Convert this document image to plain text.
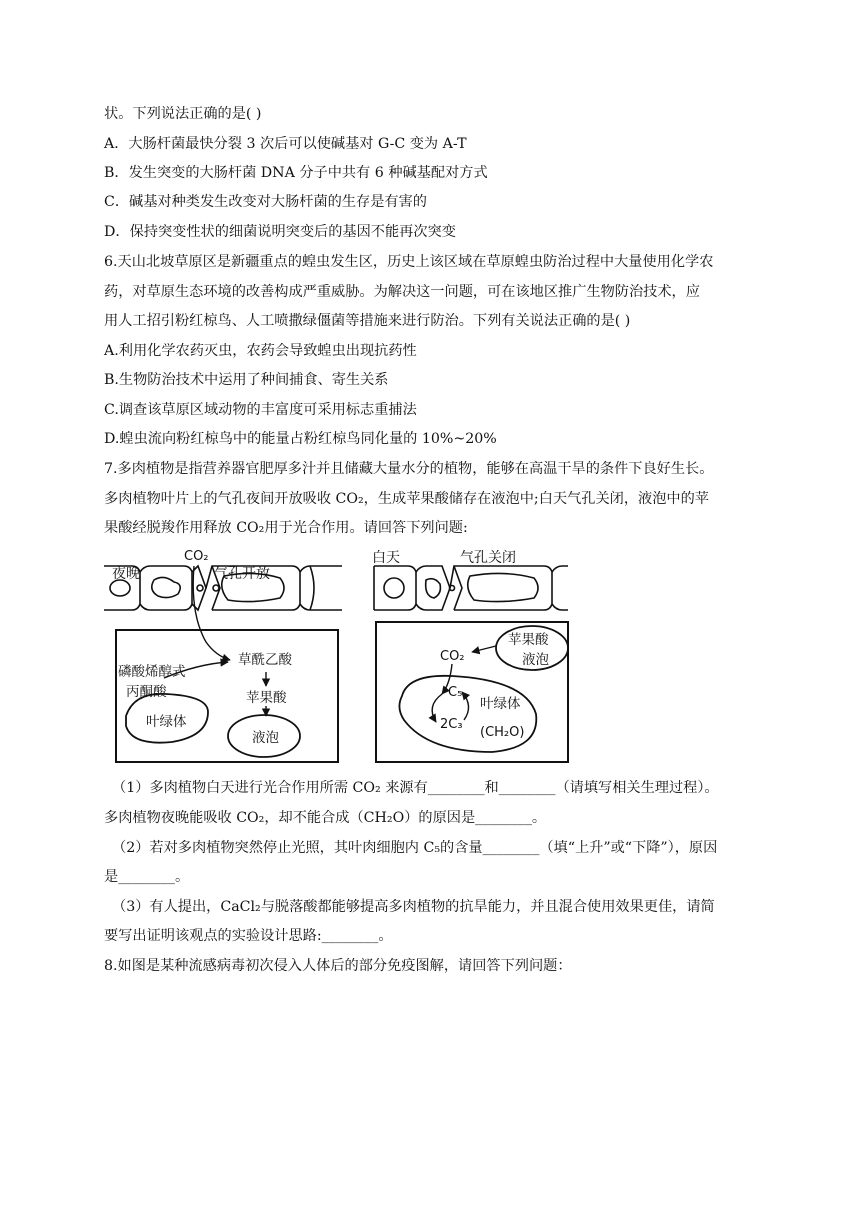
状。下列说法正确的是( )
A．大肠杆菌最快分裂 3 次后可以使碱基对 G-C 变为 A-T
B．发生突变的大肠杆菌 DNA 分子中共有 6 种碱基配对方式
C．碱基对种类发生改变对大肠杆菌的生存是有害的
D．保持突变性状的细菌说明突变后的基因不能再次突变
6.天山北坡草原区是新疆重点的蝗虫发生区，历史上该区域在草原蝗虫防治过程中大量使用化学农
药，对草原生态环境的改善构成严重威胁。为解决这一问题，可在该地区推广生物防治技术，应
用人工招引粉红椋鸟、人工喷撒绿僵菌等措施来进行防治。下列有关说法正确的是( )
A.利用化学农药灭虫，农药会导致蝗虫出现抗药性
B.生物防治技术中运用了种间捕食、寄生关系
C.调查该草原区域动物的丰富度可采用标志重捕法
D.蝗虫流向粉红椋鸟中的能量占粉红椋鸟同化量的 10%~20%
7.多肉植物是指营养器官肥厚多汁并且储藏大量水分的植物，能够在高温干旱的条件下良好生长。
多肉植物叶片上的气孔夜间开放吸收 CO₂，生成苹果酸储存在液泡中;白天气孔关闭，液泡中的苹
果酸经脱羧作用释放 CO₂用于光合作用。请回答下列问题:
夜晚
CO₂
气孔开放
磷酸烯醇式
丙酮酸
草酰乙酸
苹果酸
叶绿体
液泡
白天	气孔关闭
苹果酸
液泡
CO₂
C₅
2C₃
叶绿体
(CH₂O)
（1）多肉植物白天进行光合作用所需 CO₂ 来源有________和________（请填写相关生理过程）。
多肉植物夜晚能吸收 CO₂，却不能合成（CH₂O）的原因是________。
（2）若对多肉植物突然停止光照，其叶肉细胞内 C₅的含量________（填“上升”或“下降”），原因
是________。
（3）有人提出，CaCl₂与脱落酸都能够提高多肉植物的抗旱能力，并且混合使用效果更佳，请简
要写出证明该观点的实验设计思路:________。
8.如图是某种流感病毒初次侵入人体后的部分免疫图解，请回答下列问题：
